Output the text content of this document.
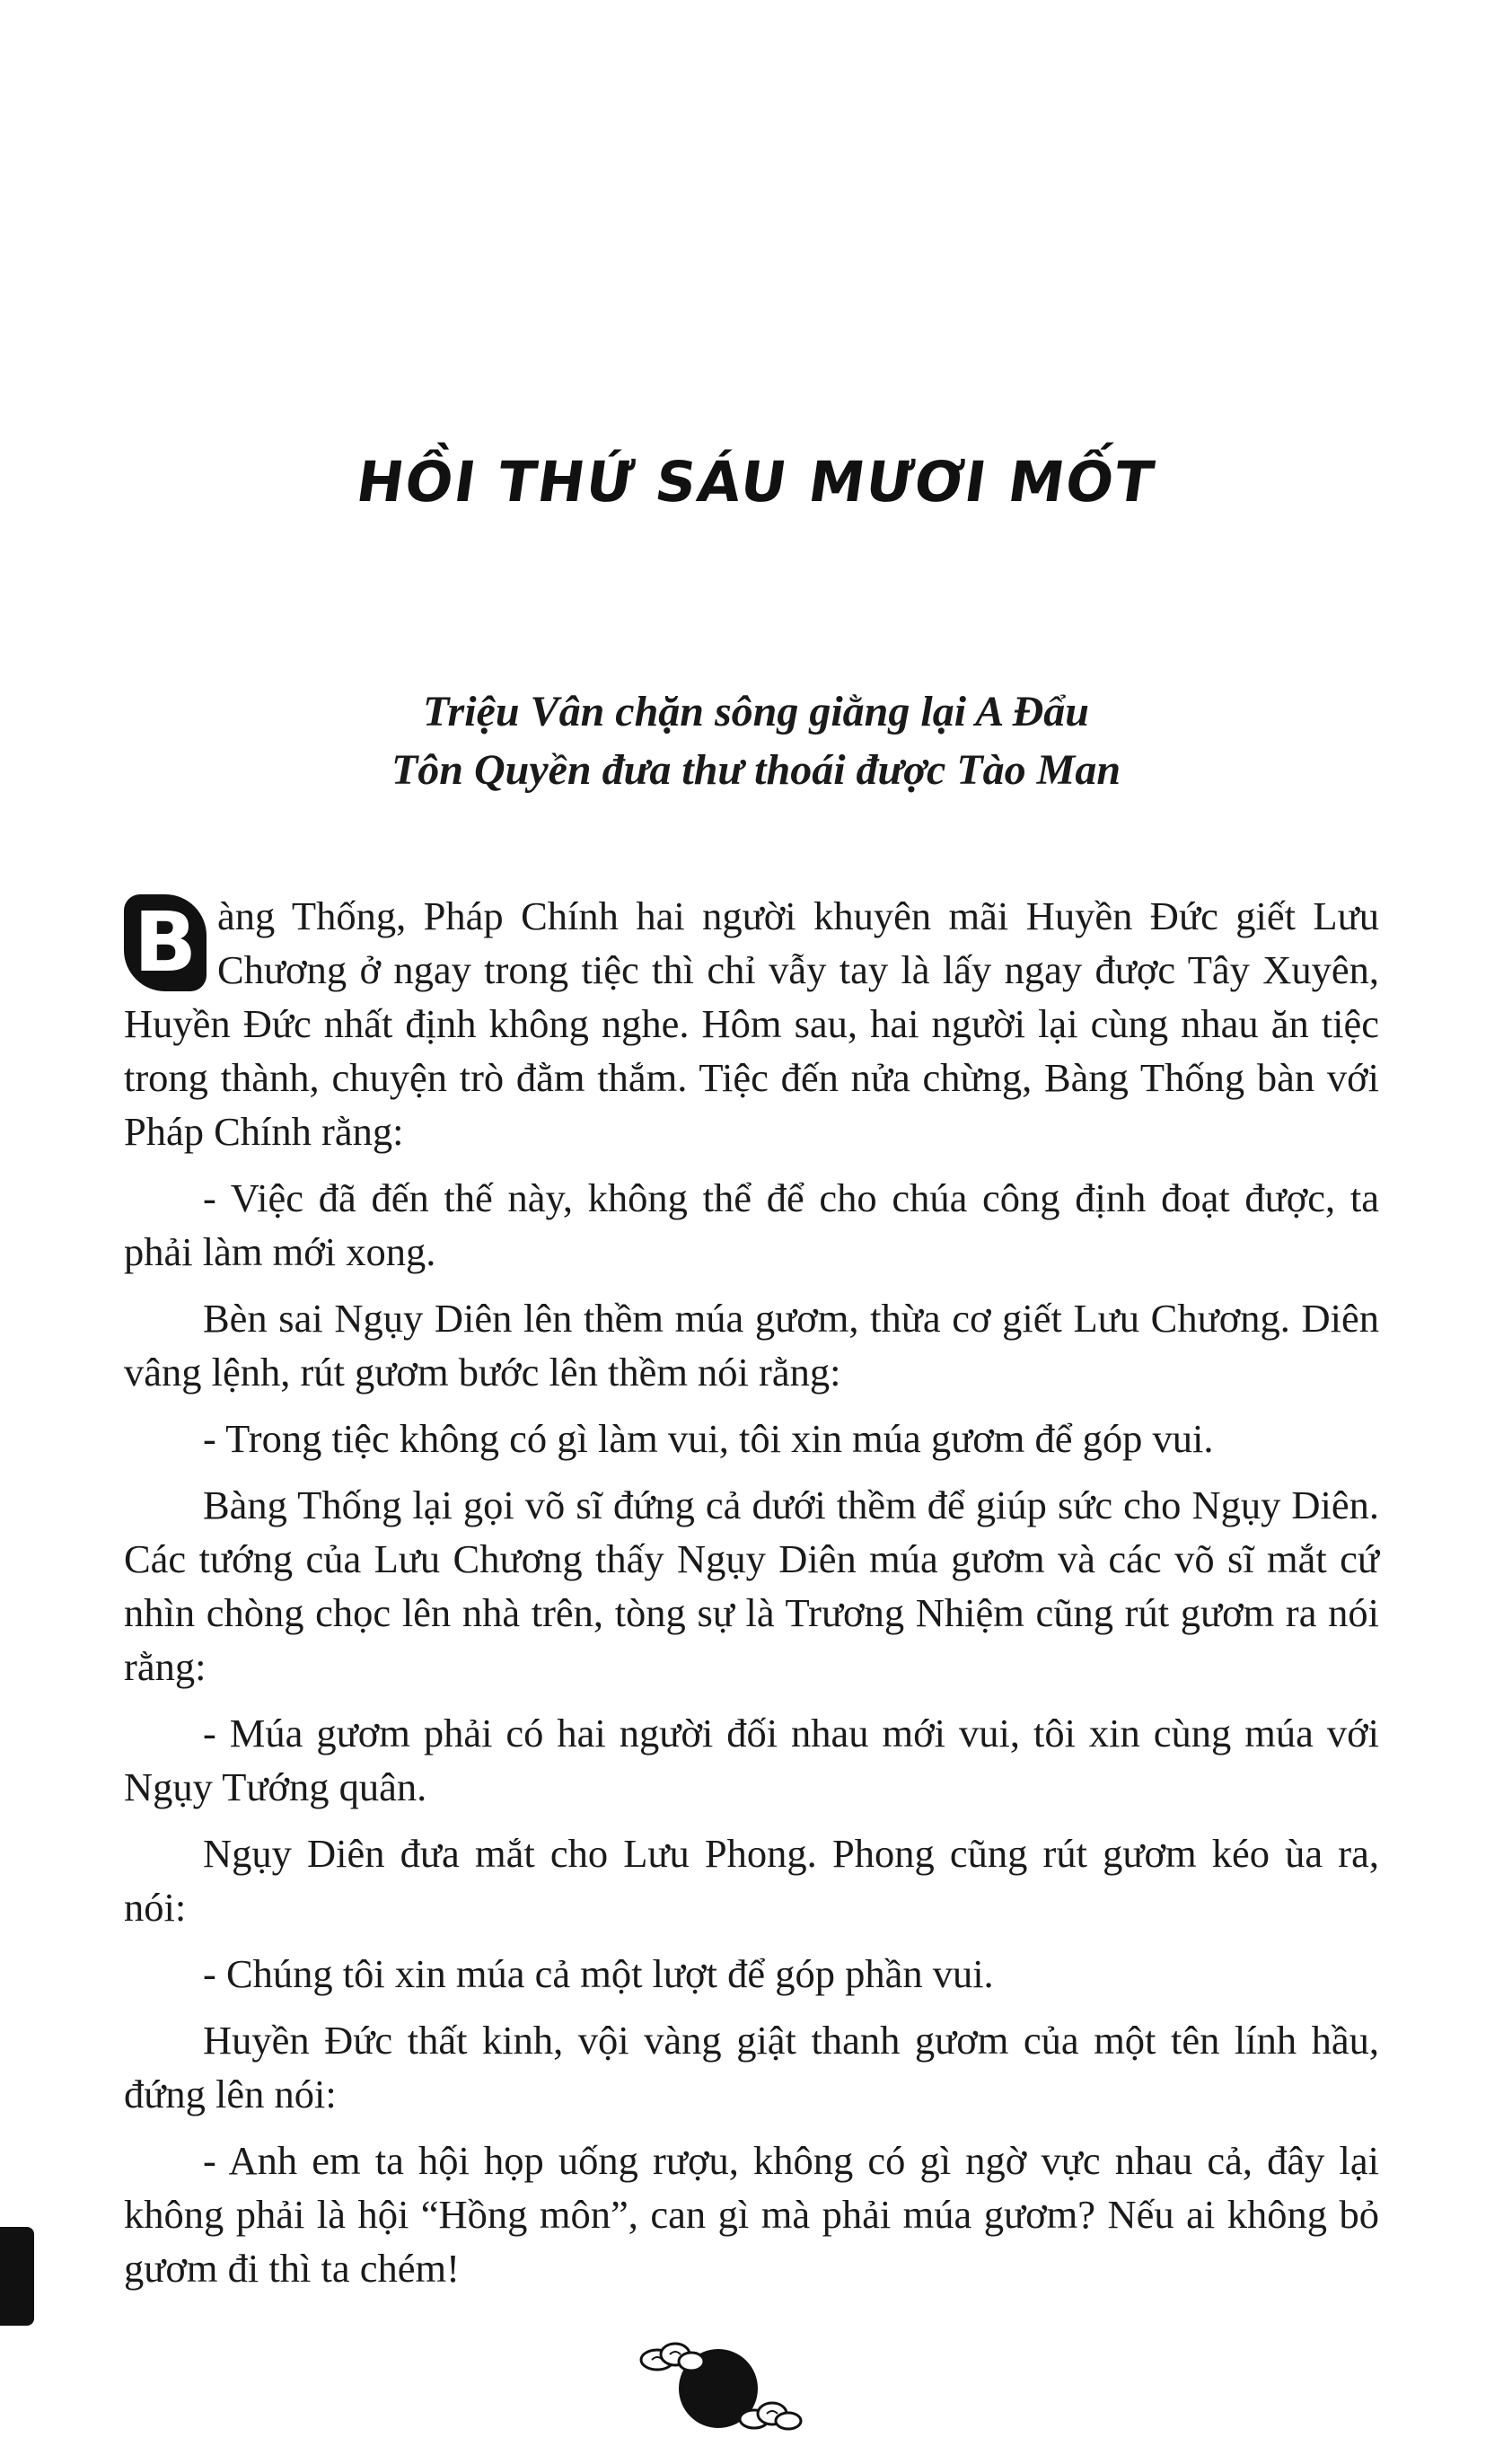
HỒI THỨ SÁU MƯƠI MỐT
Triệu Vân chặn sông giằng lại A Đẩu
Tôn Quyền đưa thư thoái được Tào Man

B àng Thống, Pháp Chính hai người khuyên mãi Huyền Đức giết Lưu Chương ở ngay trong tiệc thì chỉ vẫy tay là lấy ngay được Tây Xuyên, Huyền Đức nhất định không nghe. Hôm sau, hai người lại cùng nhau ăn tiệc trong thành, chuyện trò đằm thắm. Tiệc đến nửa chừng, Bàng Thống bàn với Pháp Chính rằng:

- Việc đã đến thế này, không thể để cho chúa công định đoạt được, ta phải làm mới xong.

Bèn sai Ngụy Diên lên thềm múa gươm, thừa cơ giết Lưu Chương. Diên vâng lệnh, rút gươm bước lên thềm nói rằng:

- Trong tiệc không có gì làm vui, tôi xin múa gươm để góp vui.

Bàng Thống lại gọi võ sĩ đứng cả dưới thềm để giúp sức cho Ngụy Diên. Các tướng của Lưu Chương thấy Ngụy Diên múa gươm và các võ sĩ mắt cứ nhìn chòng chọc lên nhà trên, tòng sự là Trương Nhiệm cũng rút gươm ra nói rằng:

- Múa gươm phải có hai người đối nhau mới vui, tôi xin cùng múa với Ngụy Tướng quân.

Ngụy Diên đưa mắt cho Lưu Phong. Phong cũng rút gươm kéo ùa ra, nói:

- Chúng tôi xin múa cả một lượt để góp phần vui.

Huyền Đức thất kinh, vội vàng giật thanh gươm của một tên lính hầu, đứng lên nói:

- Anh em ta hội họp uống rượu, không có gì ngờ vực nhau cả, đây lại không phải là hội “Hồng môn”, can gì mà phải múa gươm? Nếu ai không bỏ gươm đi thì ta chém!
